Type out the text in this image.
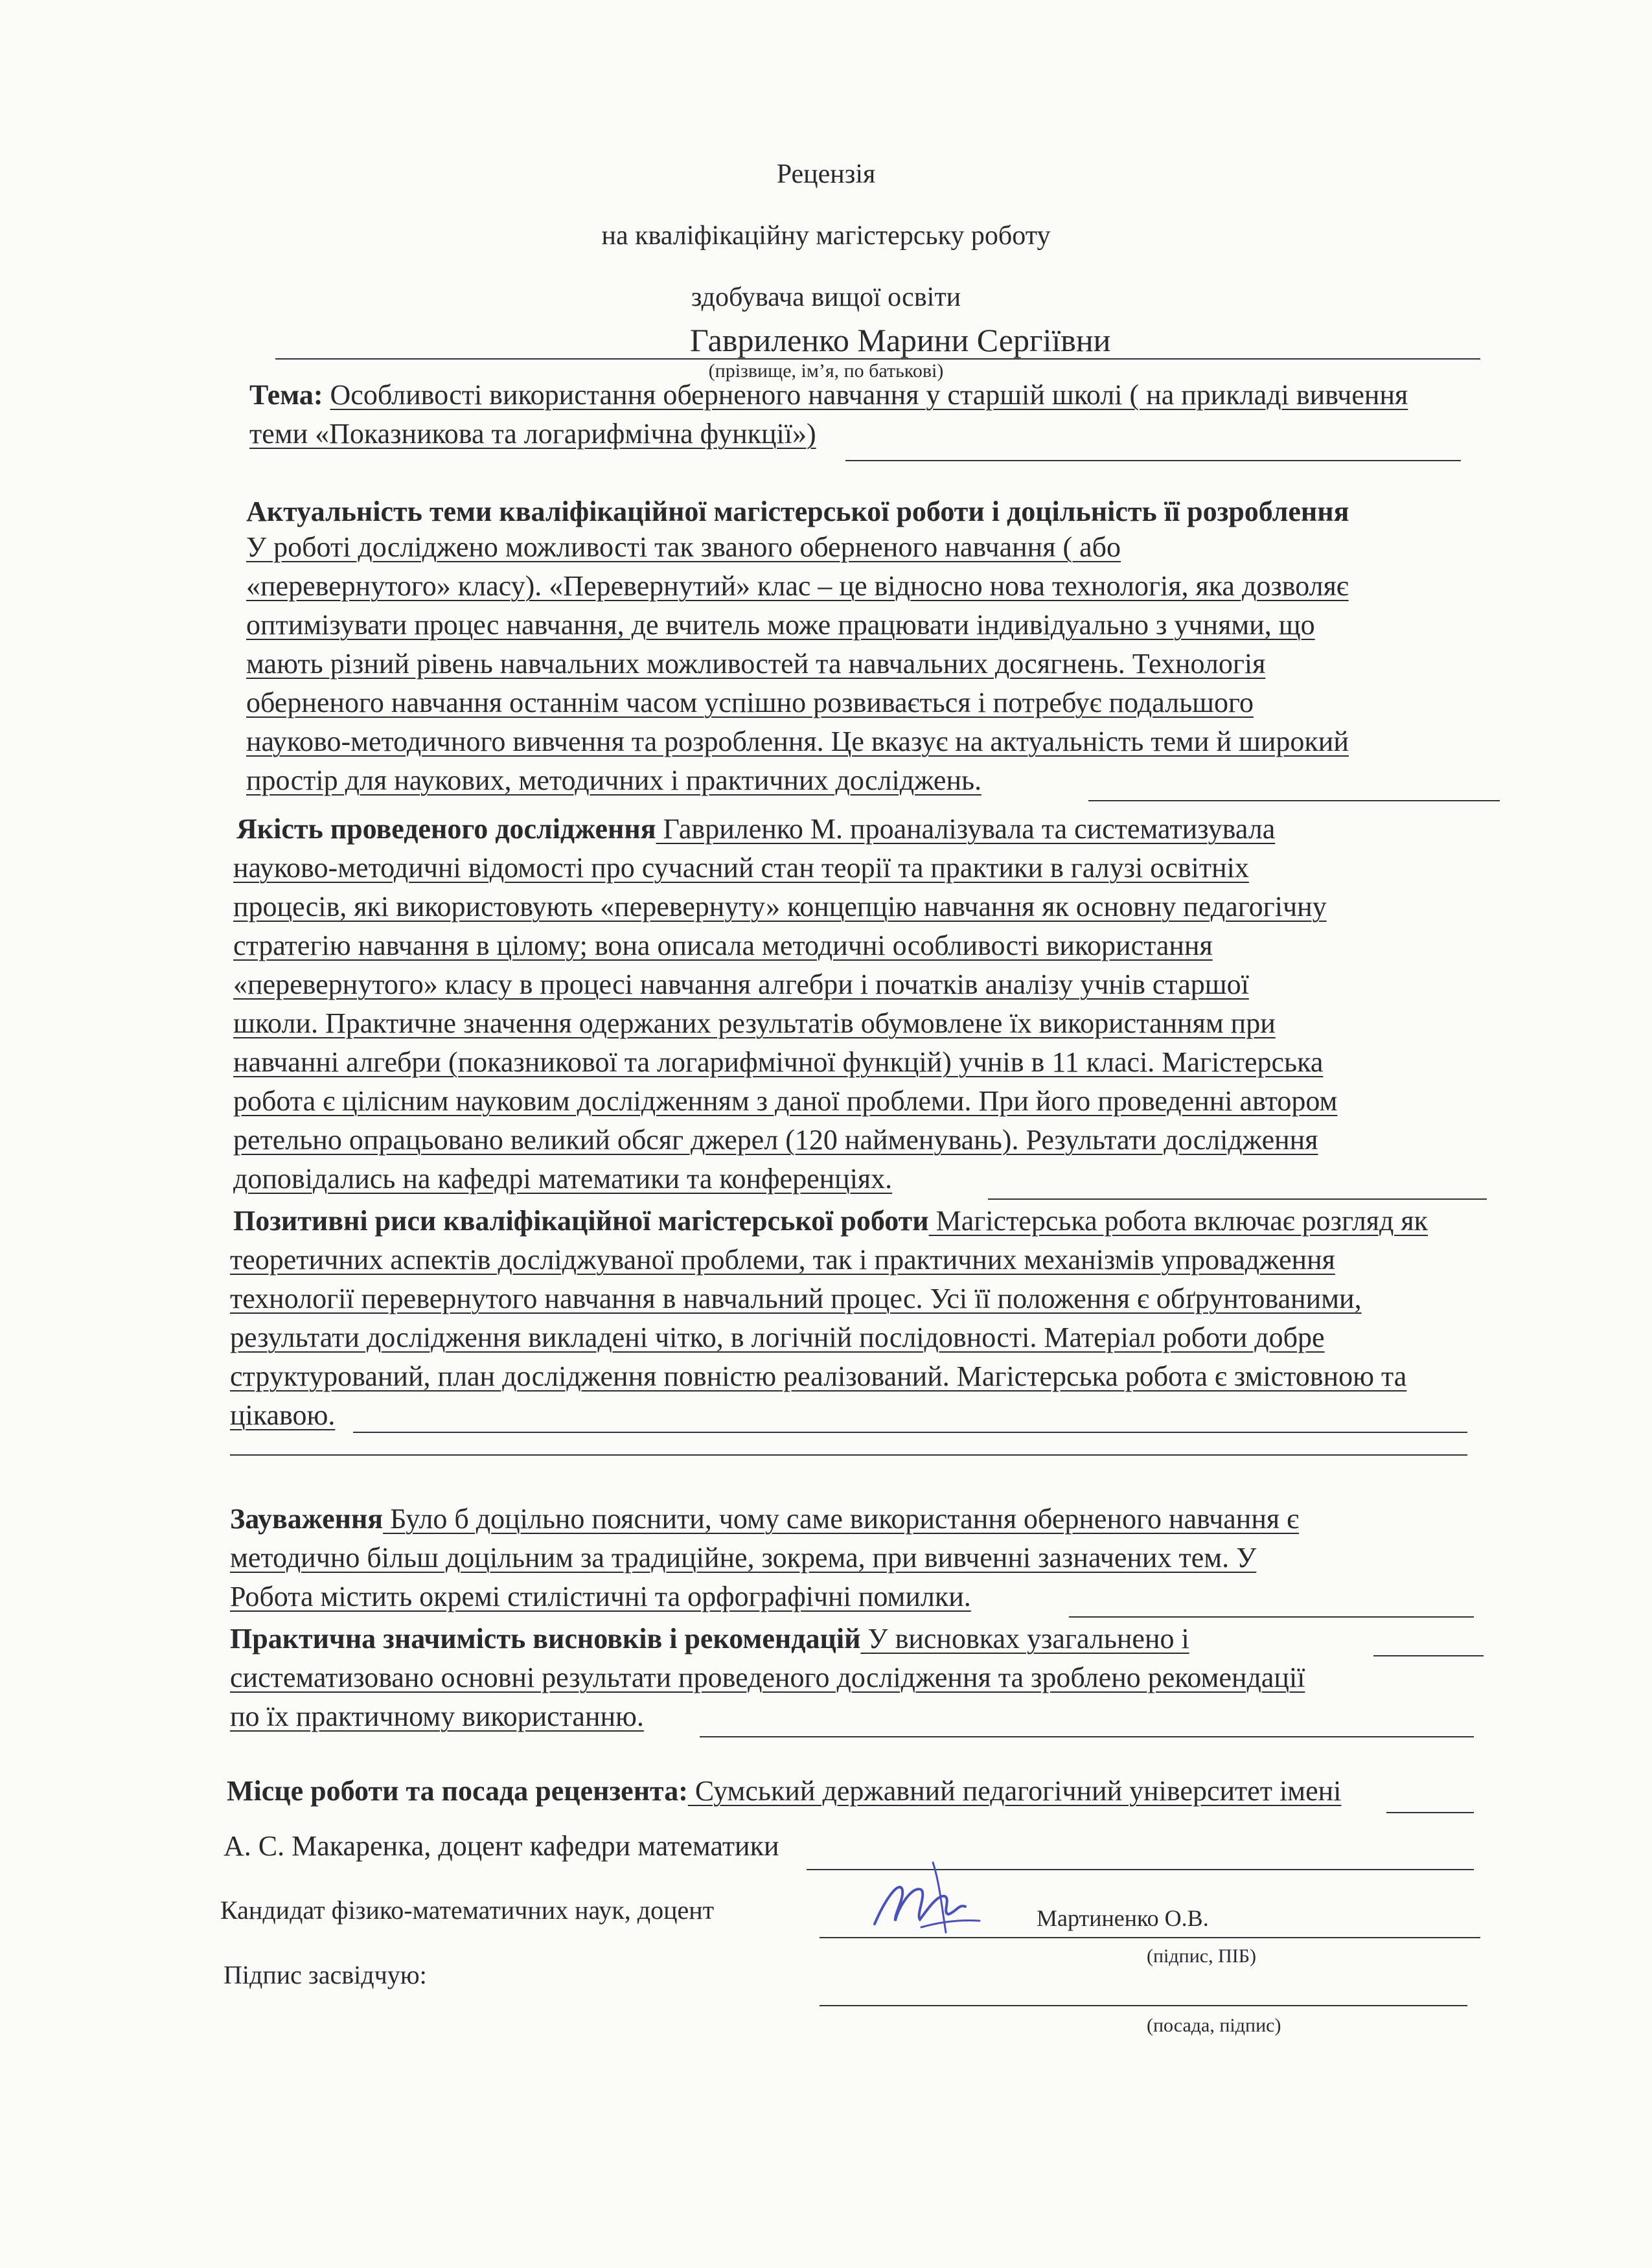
Рецензія
на кваліфікаційну магістерську роботу
здобувача вищої освіти
Гавриленко Марини Сергіївни
(прізвище, ім’я, по батькові)
Тема: Особливості використання оберненого навчання у старшій школі ( на прикладі вивчення
теми «Показникова та логарифмічна функції»)
Актуальність теми кваліфікаційної магістерської роботи і доцільність її розроблення
У роботі досліджено можливості так званого оберненого навчання ( або
«перевернутого» класу). «Перевернутий» клас – це відносно нова технологія, яка дозволяє
оптимізувати процес навчання, де вчитель може працювати індивідуально з учнями, що
мають різний рівень навчальних можливостей та навчальних досягнень. Технологія
оберненого навчання останнім часом успішно розвивається і потребує подальшого
науково-методичного вивчення та розроблення. Це вказує на актуальність теми й широкий
простір для наукових, методичних і практичних досліджень.
Якість проведеного дослідження Гавриленко М. проаналізувала та систематизувала
науково-методичні відомості про сучасний стан теорії та практики в галузі освітніх
процесів, які використовують «перевернуту» концепцію навчання як основну педагогічну
стратегію навчання в цілому; вона описала методичні особливості використання
«перевернутого» класу в процесі навчання алгебри і початків аналізу учнів старшої
школи. Практичне значення одержаних результатів обумовлене їх використанням при
навчанні алгебри (показникової та логарифмічної функцій) учнів в 11 класі. Магістерська
робота є цілісним науковим дослідженням з даної проблеми. При його проведенні автором
ретельно опрацьовано великий обсяг джерел (120 найменувань). Результати дослідження
доповідались на кафедрі математики та конференціях.
Позитивні риси кваліфікаційної магістерської роботи Магістерська робота включає розгляд як
теоретичних аспектів досліджуваної проблеми, так і практичних механізмів упровадження
технології перевернутого навчання в навчальний процес. Усі її положення є обґрунтованими,
результати дослідження викладені чітко, в логічній послідовності. Матеріал роботи добре
структурований, план дослідження повністю реалізований. Магістерська робота є змістовною та
цікавою.
Зауваження Було б доцільно пояснити, чому саме використання оберненого навчання є
методично більш доцільним за традиційне, зокрема, при вивченні зазначених тем. У
Робота містить окремі стилістичні та орфографічні помилки.
Практична значимість висновків і рекомендацій У висновках узагальнено і
систематизовано основні результати проведеного дослідження та зроблено рекомендації
по їх практичному використанню.
Місце роботи та посада рецензента: Сумський державний педагогічний університет імені
А. С. Макаренка, доцент кафедри математики
Кандидат фізико-математичних наук, доцент	Мартиненко О.В.
(підпис, ПІБ)
Підпис засвідчую:
(посада, підпис)
